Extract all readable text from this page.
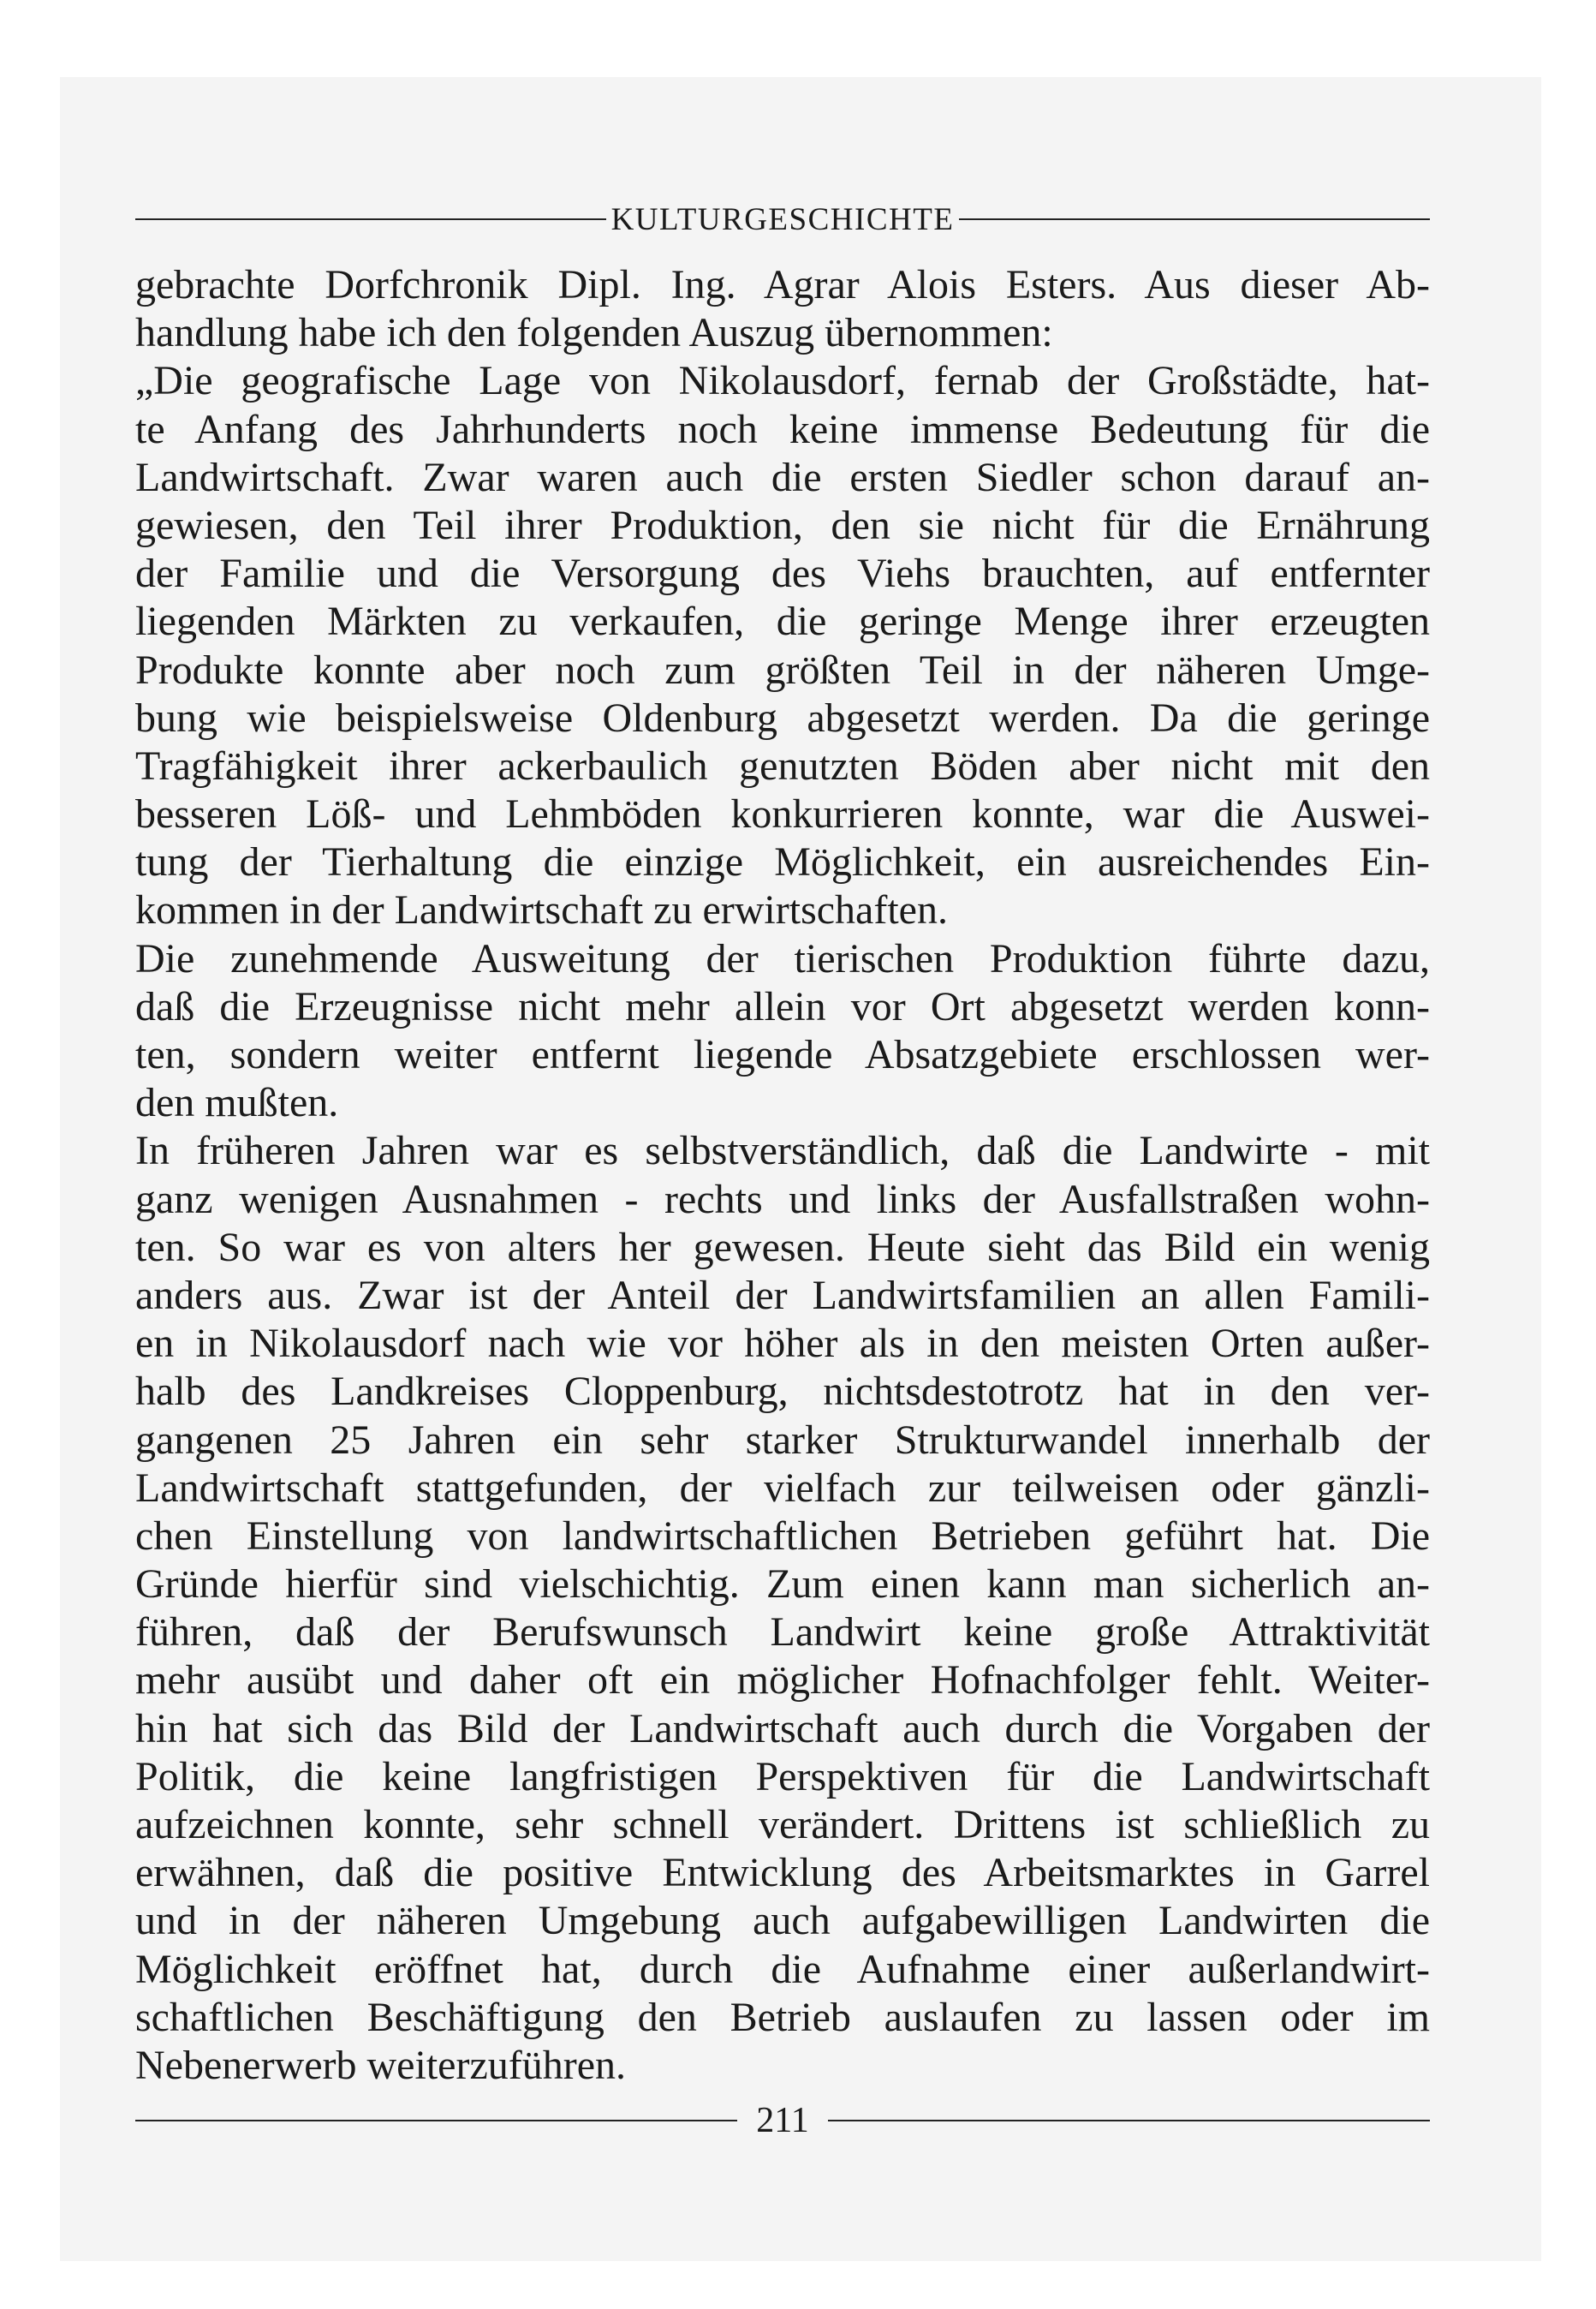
KULTURGESCHICHTE
gebrachte Dorfchronik Dipl. Ing. Agrar Alois Esters. Aus dieser Ab-
handlung habe ich den folgenden Auszug übernommen:
„Die geografische Lage von Nikolausdorf, fernab der Großstädte, hat-
te Anfang des Jahrhunderts noch keine immense Bedeutung für die
Landwirtschaft. Zwar waren auch die ersten Siedler schon darauf an-
gewiesen, den Teil ihrer Produktion, den sie nicht für die Ernährung
der Familie und die Versorgung des Viehs brauchten, auf entfernter
liegenden Märkten zu verkaufen, die geringe Menge ihrer erzeugten
Produkte konnte aber noch zum größten Teil in der näheren Umge-
bung wie beispielsweise Oldenburg abgesetzt werden. Da die geringe
Tragfähigkeit ihrer ackerbaulich genutzten Böden aber nicht mit den
besseren Löß- und Lehmböden konkurrieren konnte, war die Auswei-
tung der Tierhaltung die einzige Möglichkeit, ein ausreichendes Ein-
kommen in der Landwirtschaft zu erwirtschaften.
Die zunehmende Ausweitung der tierischen Produktion führte dazu,
daß die Erzeugnisse nicht mehr allein vor Ort abgesetzt werden konn-
ten, sondern weiter entfernt liegende Absatzgebiete erschlossen wer-
den mußten.
In früheren Jahren war es selbstverständlich, daß die Landwirte - mit
ganz wenigen Ausnahmen - rechts und links der Ausfallstraßen wohn-
ten. So war es von alters her gewesen. Heute sieht das Bild ein wenig
anders aus. Zwar ist der Anteil der Landwirtsfamilien an allen Famili-
en in Nikolausdorf nach wie vor höher als in den meisten Orten außer-
halb des Landkreises Cloppenburg, nichtsdestotrotz hat in den ver-
gangenen 25 Jahren ein sehr starker Strukturwandel innerhalb der
Landwirtschaft stattgefunden, der vielfach zur teilweisen oder gänzli-
chen Einstellung von landwirtschaftlichen Betrieben geführt hat. Die
Gründe hierfür sind vielschichtig. Zum einen kann man sicherlich an-
führen, daß der Berufswunsch Landwirt keine große Attraktivität
mehr ausübt und daher oft ein möglicher Hofnachfolger fehlt. Weiter-
hin hat sich das Bild der Landwirtschaft auch durch die Vorgaben der
Politik, die keine langfristigen Perspektiven für die Landwirtschaft
aufzeichnen konnte, sehr schnell verändert. Drittens ist schließlich zu
erwähnen, daß die positive Entwicklung des Arbeitsmarktes in Garrel
und in der näheren Umgebung auch aufgabewilligen Landwirten die
Möglichkeit eröffnet hat, durch die Aufnahme einer außerlandwirt-
schaftlichen Beschäftigung den Betrieb auslaufen zu lassen oder im
Nebenerwerb weiterzuführen.
211
